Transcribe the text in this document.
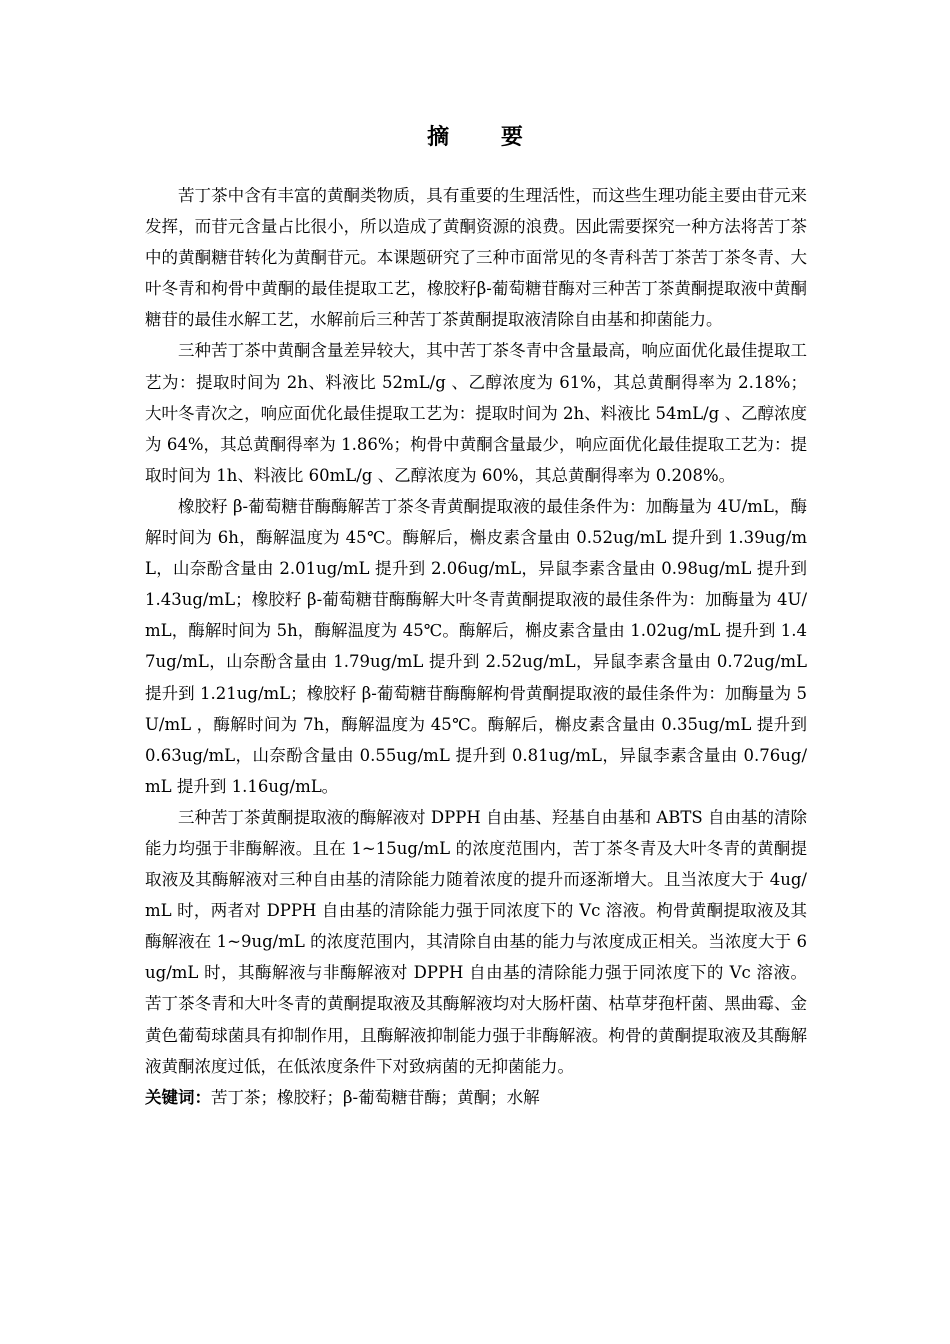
摘 要

苦丁茶中含有丰富的黄酮类物质，具有重要的生理活性，而这些生理功能主要由苷元来发挥，而苷元含量占比很小，所以造成了黄酮资源的浪费。因此需要探究一种方法将苦丁茶中的黄酮糖苷转化为黄酮苷元。本课题研究了三种市面常见的冬青科苦丁茶苦丁茶冬青、大叶冬青和枸骨中黄酮的最佳提取工艺，橡胶籽β-葡萄糖苷酶对三种苦丁茶黄酮提取液中黄酮糖苷的最佳水解工艺，水解前后三种苦丁茶黄酮提取液清除自由基和抑菌能力。

三种苦丁茶中黄酮含量差异较大，其中苦丁茶冬青中含量最高，响应面优化最佳提取工艺为：提取时间为 2h、料液比 52mL/g 、乙醇浓度为 61%，其总黄酮得率为 2.18%；大叶冬青次之，响应面优化最佳提取工艺为：提取时间为 2h、料液比 54mL/g 、乙醇浓度为 64%，其总黄酮得率为 1.86%；枸骨中黄酮含量最少，响应面优化最佳提取工艺为：提取时间为 1h、料液比 60mL/g 、乙醇浓度为 60%，其总黄酮得率为 0.208%。

橡胶籽 β-葡萄糖苷酶酶解苦丁茶冬青黄酮提取液的最佳条件为：加酶量为 4U/mL，酶解时间为 6h，酶解温度为 45℃。酶解后，槲皮素含量由 0.52ug/mL 提升到 1.39ug/mL，山奈酚含量由 2.01ug/mL 提升到 2.06ug/mL，异鼠李素含量由 0.98ug/mL 提升到 1.43ug/mL；橡胶籽 β-葡萄糖苷酶酶解大叶冬青黄酮提取液的最佳条件为：加酶量为 4U/mL，酶解时间为 5h，酶解温度为 45℃。酶解后，槲皮素含量由 1.02ug/mL 提升到 1.47ug/mL，山奈酚含量由 1.79ug/mL 提升到 2.52ug/mL，异鼠李素含量由 0.72ug/mL 提升到 1.21ug/mL；橡胶籽 β-葡萄糖苷酶酶解枸骨黄酮提取液的最佳条件为：加酶量为 5U/mL ，酶解时间为 7h，酶解温度为 45℃。酶解后，槲皮素含量由 0.35ug/mL 提升到 0.63ug/mL，山奈酚含量由 0.55ug/mL 提升到 0.81ug/mL，异鼠李素含量由 0.76ug/mL 提升到 1.16ug/mL。

三种苦丁茶黄酮提取液的酶解液对 DPPH 自由基、羟基自由基和 ABTS 自由基的清除能力均强于非酶解液。且在 1~15ug/mL 的浓度范围内，苦丁茶冬青及大叶冬青的黄酮提取液及其酶解液对三种自由基的清除能力随着浓度的提升而逐渐增大。且当浓度大于 4ug/mL 时，两者对 DPPH 自由基的清除能力强于同浓度下的 Vc 溶液。枸骨黄酮提取液及其酶解液在 1~9ug/mL 的浓度范围内，其清除自由基的能力与浓度成正相关。当浓度大于 6ug/mL 时，其酶解液与非酶解液对 DPPH 自由基的清除能力强于同浓度下的 Vc 溶液。苦丁茶冬青和大叶冬青的黄酮提取液及其酶解液均对大肠杆菌、枯草芽孢杆菌、黑曲霉、金黄色葡萄球菌具有抑制作用，且酶解液抑制能力强于非酶解液。枸骨的黄酮提取液及其酶解液黄酮浓度过低，在低浓度条件下对致病菌的无抑菌能力。

关键词：苦丁茶；橡胶籽；β-葡萄糖苷酶；黄酮；水解
